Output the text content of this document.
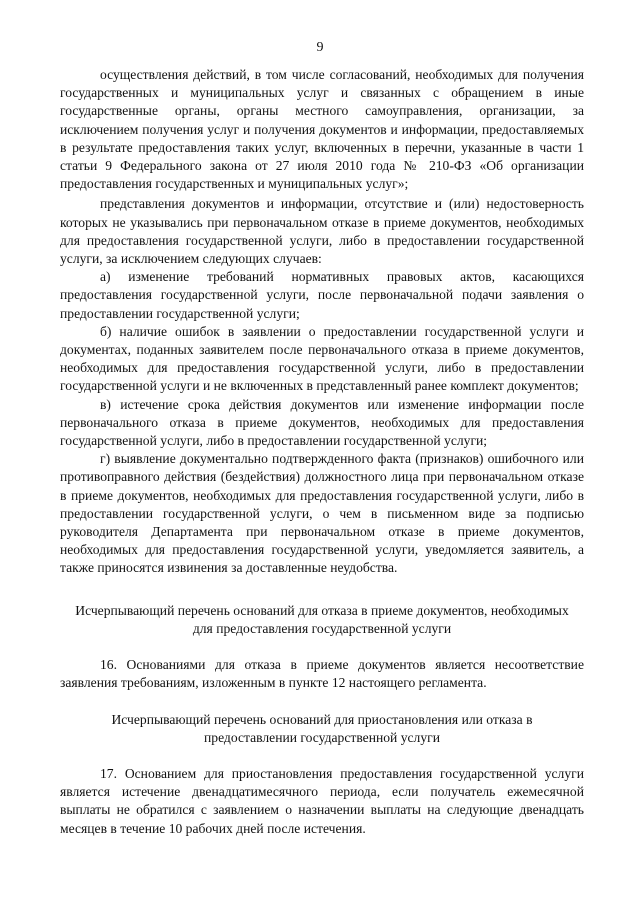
9

осуществления действий, в том числе согласований, необходимых для получения государственных и муниципальных услуг и связанных с обращением в иные государственные органы, органы местного самоуправления, организации, за исключением получения услуг и получения документов и информации, предоставляемых в результате предоставления таких услуг, включенных в перечни, указанные в части 1 статьи 9 Федерального закона от 27 июля 2010 года № 210-ФЗ «Об организации предоставления государственных и муниципальных услуг»;

представления документов и информации, отсутствие и (или) недостоверность которых не указывались при первоначальном отказе в приеме документов, необходимых для предоставления государственной услуги, либо в предоставлении государственной услуги, за исключением следующих случаев:

а) изменение требований нормативных правовых актов, касающихся предоставления государственной услуги, после первоначальной подачи заявления о предоставлении государственной услуги;

б) наличие ошибок в заявлении о предоставлении государственной услуги и документах, поданных заявителем после первоначального отказа в приеме документов, необходимых для предоставления государственной услуги, либо в предоставлении государственной услуги и не включенных в представленный ранее комплект документов;

в) истечение срока действия документов или изменение информации после первоначального отказа в приеме документов, необходимых для предоставления государственной услуги, либо в предоставлении государственной услуги;

г) выявление документально подтвержденного факта (признаков) ошибочного или противоправного действия (бездействия) должностного лица при первоначальном отказе в приеме документов, необходимых для предоставления государственной услуги, либо в предоставлении государственной услуги, о чем в письменном виде за подписью руководителя Департамента при первоначальном отказе в приеме документов, необходимых для предоставления государственной услуги, уведомляется заявитель, а также приносятся извинения за доставленные неудобства.

Исчерпывающий перечень оснований для отказа в приеме документов, необходимых для предоставления государственной услуги

16. Основаниями для отказа в приеме документов является несоответствие заявления требованиям, изложенным в пункте 12 настоящего регламента.

Исчерпывающий перечень оснований для приостановления или отказа в предоставлении государственной услуги

17. Основанием для приостановления предоставления государственной услуги является истечение двенадцатимесячного периода, если получатель ежемесячной выплаты не обратился с заявлением о назначении выплаты на следующие двенадцать месяцев в течение 10 рабочих дней после истечения.
